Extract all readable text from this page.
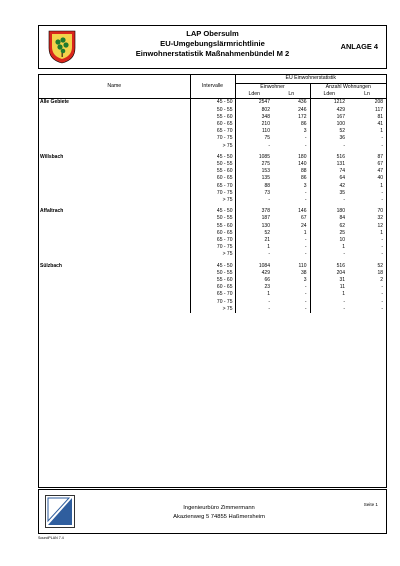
LAP Obersulm
EU-Umgebungslärmrichtlinie
Einwohnerstatistik Maßnahmenbündel M 2
ANLAGE 4
Name	Intervalle	EU Einwohnerstatistik			
		Einwohner		Anzahl Wohnungen	
		Lden	Ln	Lden	Ln
Alle Gebiete	45 - 50	2547	436	1212	208
	50 - 55	802	246	429	117
	55 - 60	348	172	167	81
	60 - 65	210	86	100	41
	65 - 70	110	3	52	1
	70 - 75	75	-	36	-
	> 75	-	-	-	-

Willsbach	45 - 50	1085	180	516	87
	50 - 55	275	140	131	67
	55 - 60	153	88	74	47
	60 - 65	135	86	64	40
	65 - 70	88	3	42	1
	70 - 75	73	-	35	-
	> 75	-	-	-	-

Affaltrach	45 - 50	378	146	180	70
	50 - 55	187	67	84	32
	55 - 60	130	24	62	12
	60 - 65	52	1	25	1
	65 - 70	21	-	10	-
	70 - 75	1	-	1	-
	> 75	-	-	-	-

Sülzbach	45 - 50	1084	110	516	52
	50 - 55	429	38	204	18
	55 - 60	66	3	31	2
	60 - 65	23	-	11	-
	65 - 70	1	-	1	-
	70 - 75	-	-	-	-
	> 75	-	-	-	-
Ingenieurbüro Zimmermann
Akazienweg 5 74855 Haßmersheim
Seite 1
SoundPLAN 7.4
